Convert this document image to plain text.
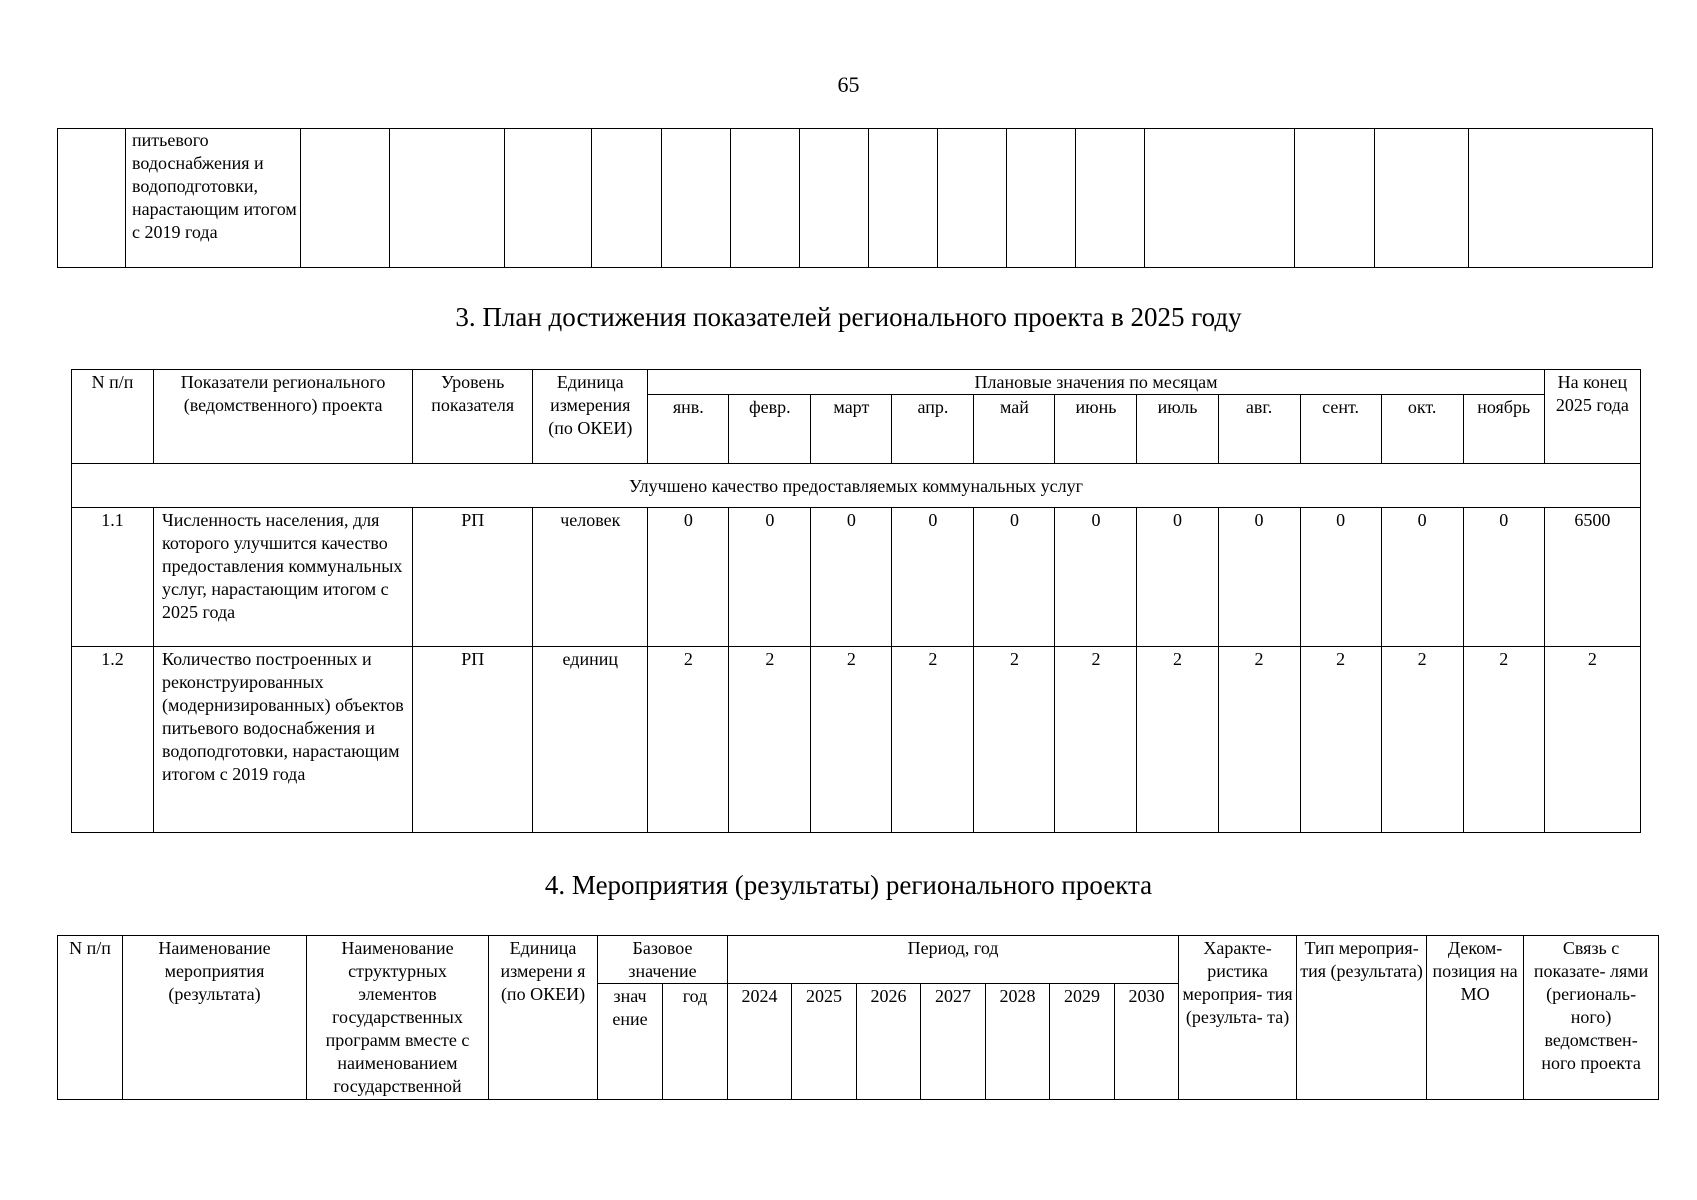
65
	питьевого водоснабжения и водоподготовки, нарастающим итогом с 2019 года															
3. План достижения показателей регионального проекта в 2025 году
N п/п	Показатели регионального (ведомственного) проекта	Уровень показателя	Единица измерения (по ОКЕИ)	Плановые значения по месяцам											На конец 2025 года
				янв.	февр.	март	апр.	май	июнь	июль	авг.	сент.	окт.	ноябрь	
Улучшено качество предоставляемых коммунальных услуг															
1.1	Численность населения, для которого улучшится качество предоставления коммунальных услуг, нарастающим итогом с 2025 года	РП	человек	0	0	0	0	0	0	0	0	0	0	0	6500
1.2	Количество построенных и реконструированных (модернизированных) объектов питьевого водоснабжения и водоподготовки, нарастающим итогом с 2019 года	РП	единиц	2	2	2	2	2	2	2	2	2	2	2	2
4. Мероприятия (результаты) регионального проекта
N п/п	Наименование мероприятия (результата)	Наименование структурных элементов государственных программ вместе с наименованием государственной	Единица измерени я (по ОКЕИ)	Базовое значение		Период, год							Характе- ристика мероприя- тия (результа- та)	Тип мероприя- тия (результата)	Деком- позиция на МО	Связь с показате- лями (региональ- ного) ведомствен- ного проекта
				знач ение	год	2024	2025	2026	2027	2028	2029	2030				
